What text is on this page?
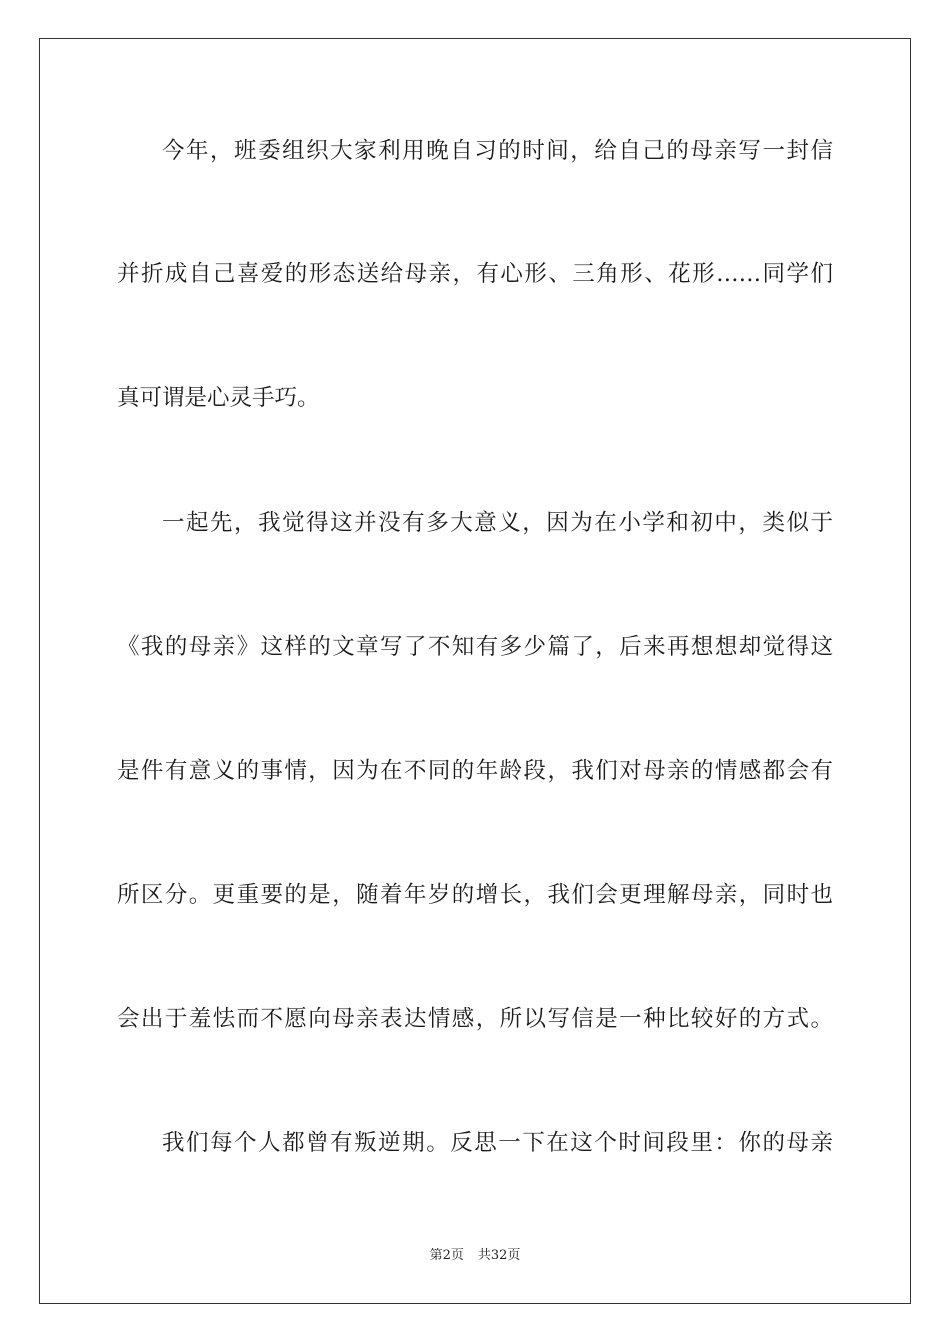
今年，班委组织大家利用晚自习的时间，给自己的母亲写一封信
并折成自己喜爱的形态送给母亲，有心形、三角形、花形……同学们
真可谓是心灵手巧。
一起先，我觉得这并没有多大意义，因为在小学和初中，类似于
《我的母亲》这样的文章写了不知有多少篇了，后来再想想却觉得这
是件有意义的事情，因为在不同的年龄段，我们对母亲的情感都会有
所区分。更重要的是，随着年岁的增长，我们会更理解母亲，同时也
会出于羞怯而不愿向母亲表达情感，所以写信是一种比较好的方式。
我们每个人都曾有叛逆期。反思一下在这个时间段里：你的母亲
第2页 共32页
